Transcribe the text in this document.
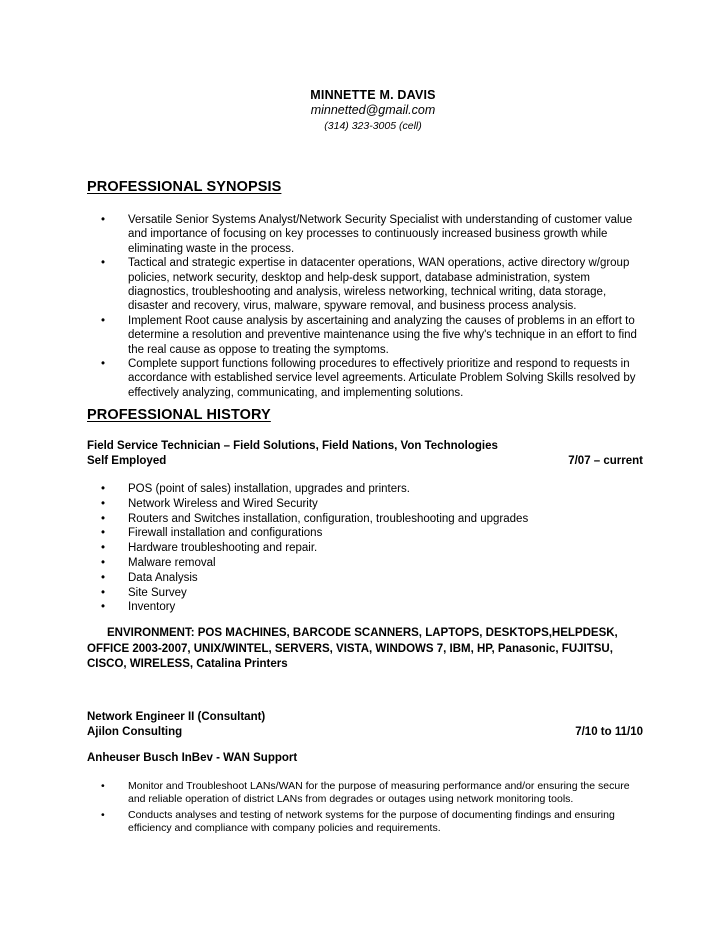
MINNETTE M. DAVIS
minnetted@gmail.com
(314) 323-3005 (cell)
PROFESSIONAL SYNOPSIS
• Versatile Senior Systems Analyst/Network Security Specialist with understanding of customer value and importance of focusing on key processes to continuously increased business growth while eliminating waste in the process.
• Tactical and strategic expertise in datacenter operations, WAN operations, active directory w/group policies, network security, desktop and help-desk support, database administration, system diagnostics, troubleshooting and analysis, wireless networking, technical writing, data storage, disaster and recovery, virus, malware, spyware removal, and business process analysis.
• Implement Root cause analysis by ascertaining and analyzing the causes of problems in an effort to determine a resolution and preventive maintenance using the five why's technique in an effort to find the real cause as oppose to treating the symptoms.
• Complete support functions following procedures to effectively prioritize and respond to requests in accordance with established service level agreements. Articulate Problem Solving Skills resolved by effectively analyzing, communicating, and implementing solutions.
PROFESSIONAL HISTORY
Field Service Technician – Field Solutions, Field Nations, Von Technologies
Self Employed	7/07 – current
• POS (point of sales) installation, upgrades and printers.
• Network Wireless and Wired Security
• Routers and Switches installation, configuration, troubleshooting and upgrades
• Firewall installation and configurations
• Hardware troubleshooting and repair.
• Malware removal
• Data Analysis
• Site Survey
• Inventory
ENVIRONMENT: POS MACHINES, BARCODE SCANNERS, LAPTOPS, DESKTOPS,HELPDESK, OFFICE 2003-2007, UNIX/WINTEL, SERVERS, VISTA, WINDOWS 7, IBM, HP, Panasonic, FUJITSU, CISCO, WIRELESS, Catalina Printers
Network Engineer II (Consultant)
Ajilon Consulting	7/10 to 11/10
Anheuser Busch InBev - WAN Support
• Monitor and Troubleshoot LANs/WAN for the purpose of measuring performance and/or ensuring the secure and reliable operation of district LANs from degrades or outages using network monitoring tools.
• Conducts analyses and testing of network systems for the purpose of documenting findings and ensuring efficiency and compliance with company policies and requirements.
